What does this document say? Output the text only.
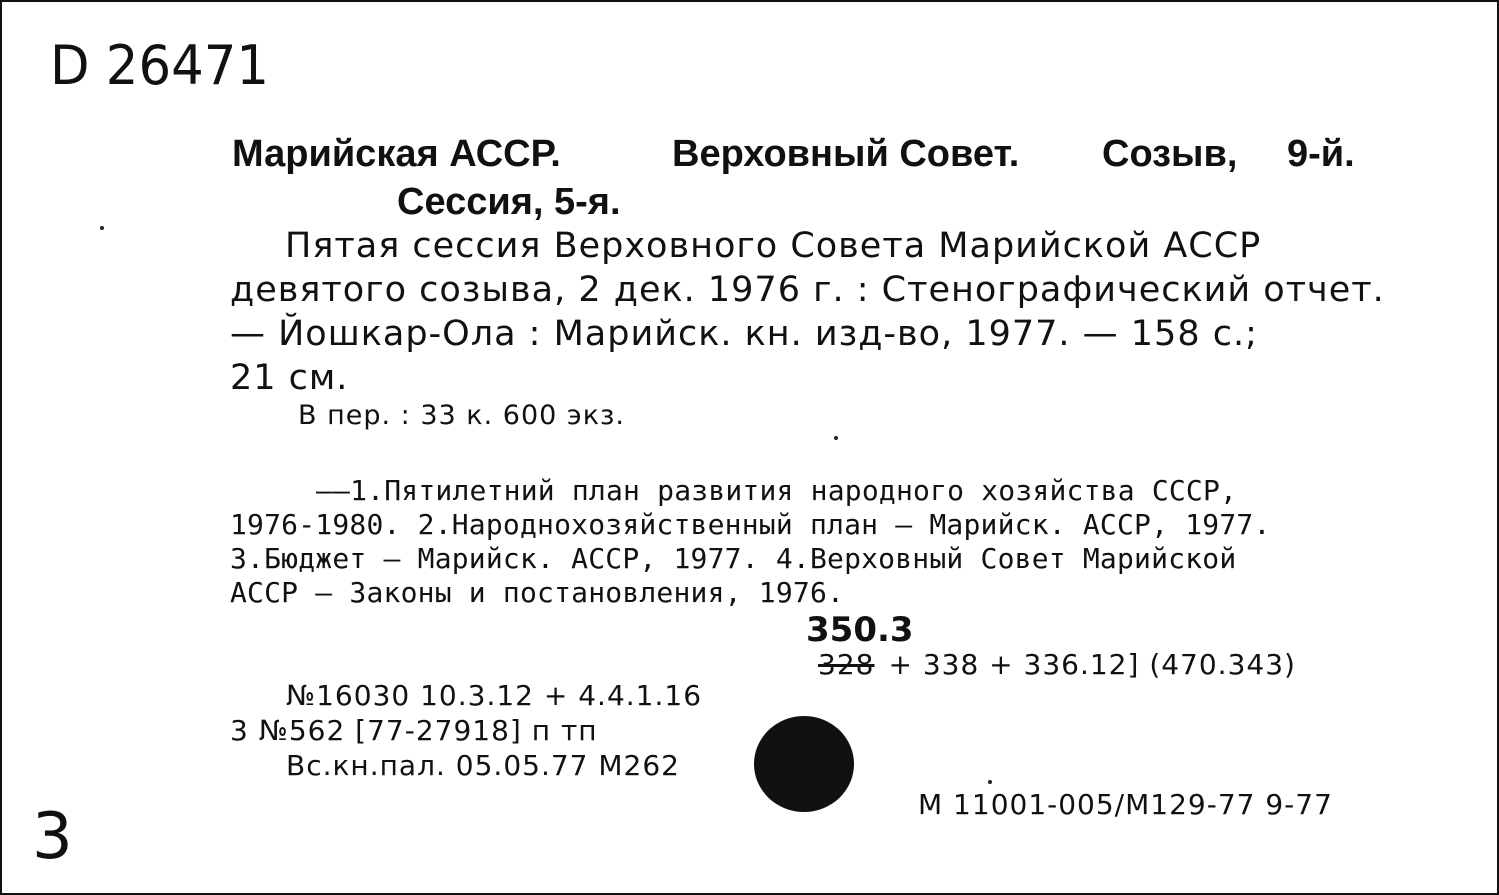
D 26471
Марийская АССР.	Верховный Совет. Созыв, 9-й.
Сессия, 5-я.
Пятая сессия Верховного Совета Марийской АССР
девятого созыва, 2 дек. 1976 г. : Стенографический отчет.
— Йошкар-Ола : Марийск. кн. изд-во, 1977. — 158 с.;
21 см.
В пер. : 33 к. 600 экз.
——1.Пятилетний план развития народного хозяйства СССР,
1976-1980. 2.Народнохозяйственный план — Марийск. АССР, 1977.
3.Бюджет — Марийск. АССР, 1977. 4.Верховный Совет Марийской
АССР — Законы и постановления, 1976.
350.3
328 + 338 + 336.12] (470.343)
№16030 10.3.12 + 4.4.1.16
3 №562 [77-27918] п тп
Вс.кн.пал. 05.05.77 М262
М 11001-005/М129-77 9-77
3
